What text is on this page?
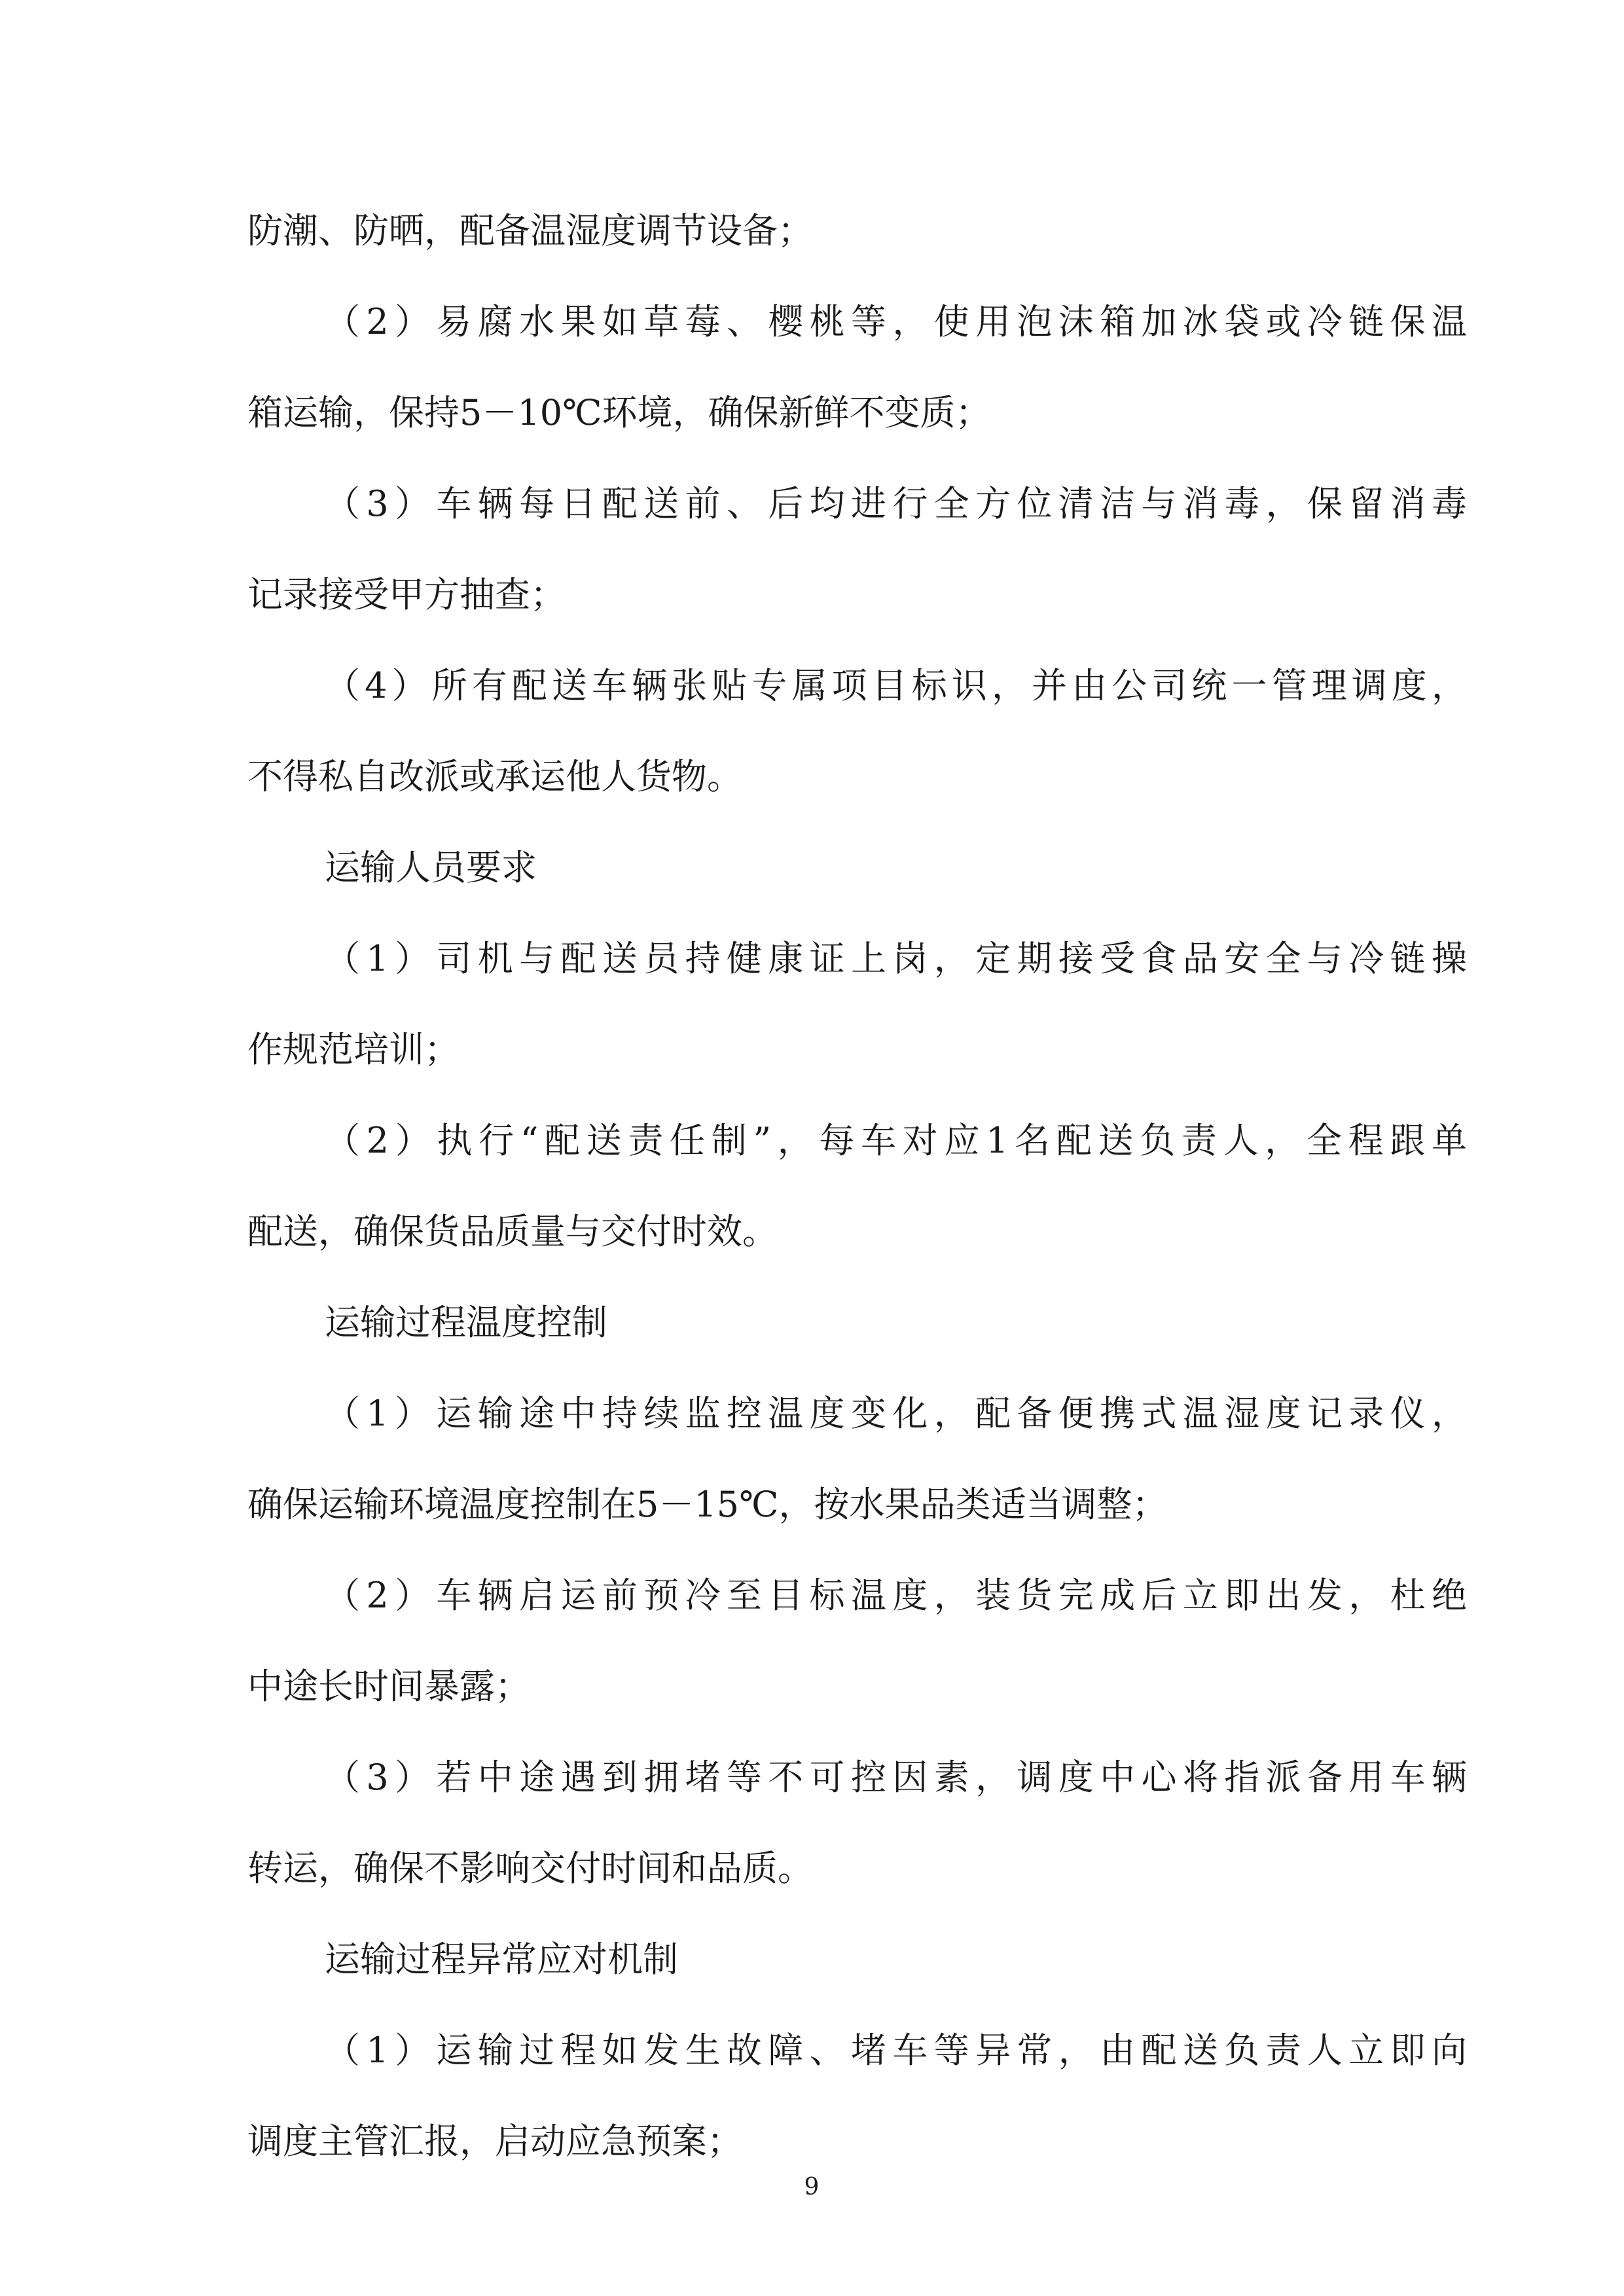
防潮、防晒，配备温湿度调节设备；

（2）易腐水果如草莓、樱桃等，使用泡沫箱加冰袋或冷链保温

箱运输，保持5－10℃环境，确保新鲜不变质；

（3）车辆每日配送前、后均进行全方位清洁与消毒，保留消毒

记录接受甲方抽查；

（4）所有配送车辆张贴专属项目标识，并由公司统一管理调度，

不得私自改派或承运他人货物。

运输人员要求

（1）司机与配送员持健康证上岗，定期接受食品安全与冷链操

作规范培训；

（2）执行“配送责任制”，每车对应1名配送负责人，全程跟单

配送，确保货品质量与交付时效。

运输过程温度控制

（1）运输途中持续监控温度变化，配备便携式温湿度记录仪，

确保运输环境温度控制在5－15℃，按水果品类适当调整；

（2）车辆启运前预冷至目标温度，装货完成后立即出发，杜绝

中途长时间暴露；

（3）若中途遇到拥堵等不可控因素，调度中心将指派备用车辆

转运，确保不影响交付时间和品质。

运输过程异常应对机制

（1）运输过程如发生故障、堵车等异常，由配送负责人立即向

调度主管汇报，启动应急预案；

9
